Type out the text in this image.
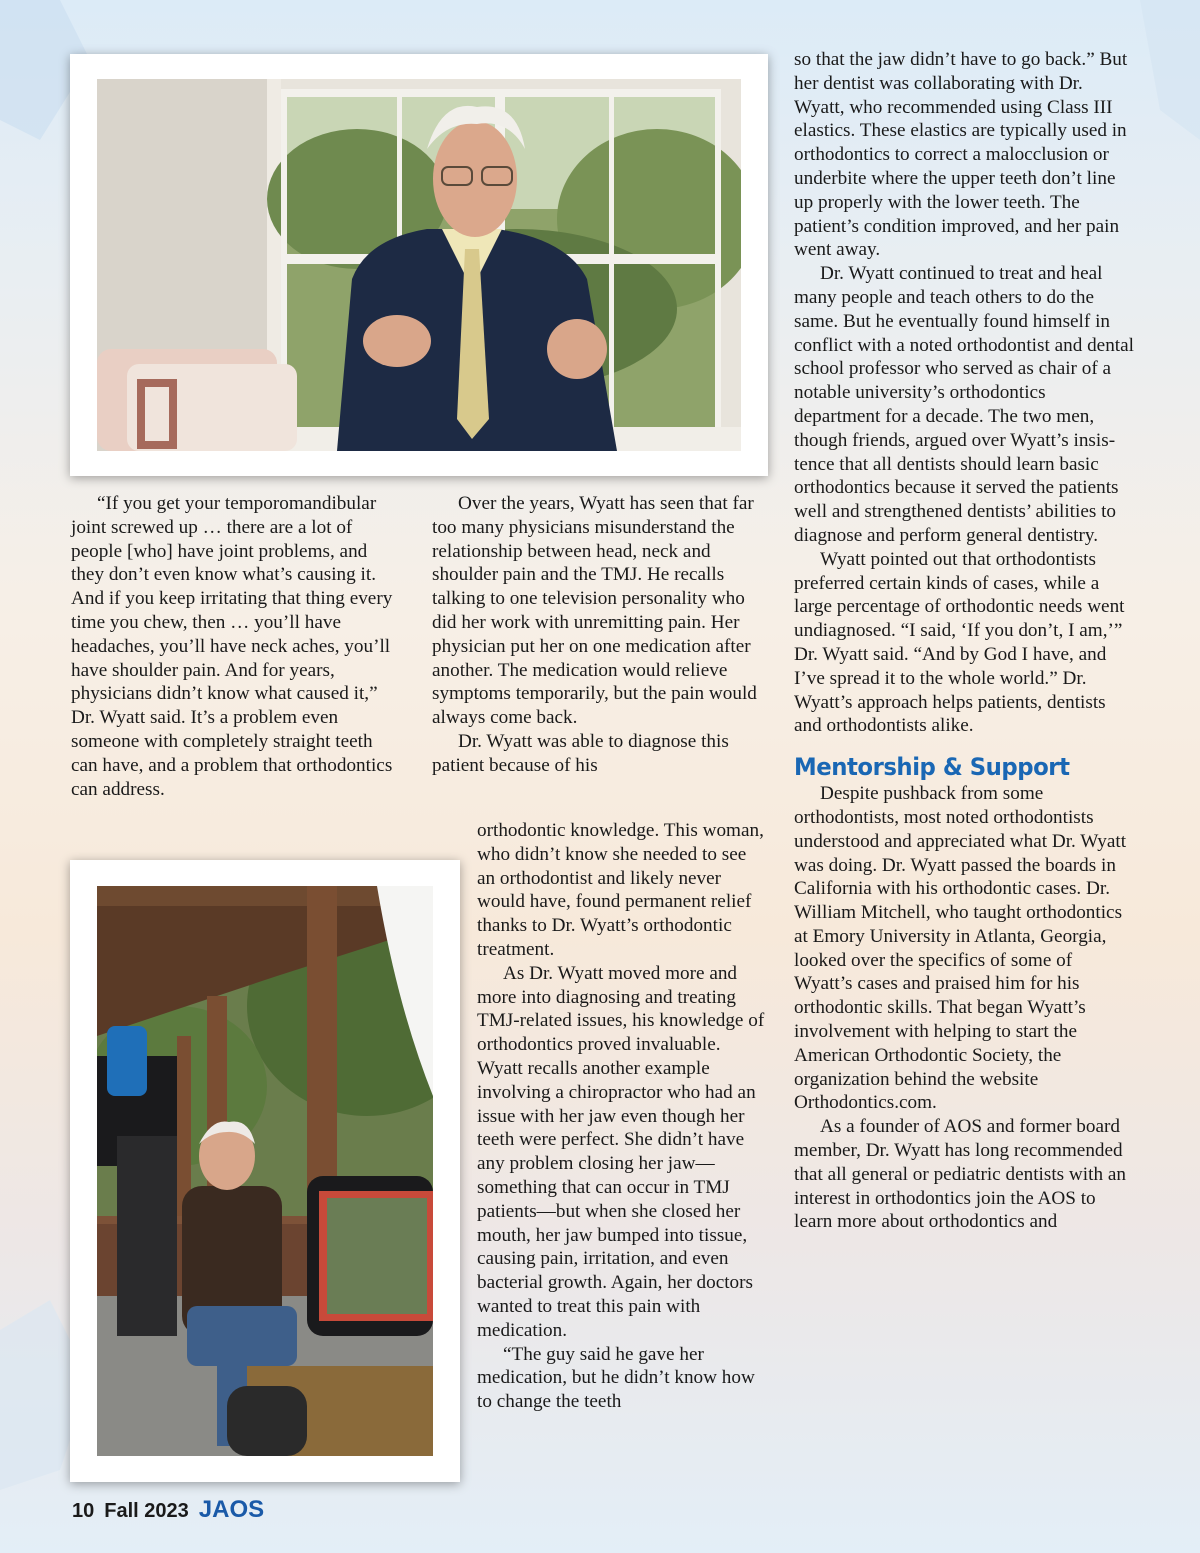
“If you get your temporomandibular joint screwed up … there are a lot of people [who] have joint problems, and they don’t even know what’s causing it. And if you keep irritating that thing every time you chew, then … you’ll have headaches, you’ll have neck aches, you’ll have shoulder pain. And for years, physicians didn’t know what caused it,” Dr. Wyatt said. It’s a problem even someone with completely straight teeth can have, and a problem that orthodontics can address.

Over the years, Wyatt has seen that far too many physicians misunderstand the relationship between head, neck and shoulder pain and the TMJ. He recalls talking to one television personality who did her work with unremitting pain. Her physician put her on one medication after another. The medication would relieve symptoms temporarily, but the pain would always come back.

Dr. Wyatt was able to diagnose this patient because of his

orthodontic knowledge. This woman, who didn’t know she needed to see an orthodontist and likely never would have, found permanent relief thanks to Dr. Wyatt’s orthodontic treatment.

As Dr. Wyatt moved more and more into diagnosing and treating TMJ-related issues, his knowledge of orthodontics proved invaluable. Wyatt recalls another example involving a chiropractor who had an issue with her jaw even though her teeth were perfect. She didn’t have any problem closing her jaw—something that can occur in TMJ patients—but when she closed her mouth, her jaw bumped into tissue, causing pain, irritation, and even bacterial growth. Again, her doctors wanted to treat this pain with medication.

“The guy said he gave her medication, but he didn’t know how to change the teeth

so that the jaw didn’t have to go back.” But her dentist was collaborating with Dr. Wyatt, who recommended using Class III elastics. These elastics are typically used in orthodontics to correct a malocclusion or underbite where the upper teeth don’t line up properly with the lower teeth. The patient’s condition improved, and her pain went away.

Dr. Wyatt continued to treat and heal many people and teach others to do the same. But he eventually found himself in conflict with a noted orthodontist and dental school professor who served as chair of a notable university’s orthodontics department for a decade. The two men, though friends, argued over Wyatt’s insistence that all dentists should learn basic orthodontics because it served the patients well and strengthened dentists’ abilities to diagnose and perform general dentistry.

Wyatt pointed out that orthodontists preferred certain kinds of cases, while a large percentage of orthodontic needs went undiagnosed. “I said, ‘If you don’t, I am,’” Dr. Wyatt said. “And by God I have, and I’ve spread it to the whole world.” Dr. Wyatt’s approach helps patients, dentists and orthodontists alike.

Mentorship & Support

Despite pushback from some orthodontists, most noted orthodontists understood and appreciated what Dr. Wyatt was doing. Dr. Wyatt passed the boards in California with his orthodontic cases. Dr. William Mitchell, who taught orthodontics at Emory University in Atlanta, Georgia, looked over the specifics of some of Wyatt’s cases and praised him for his orthodontic skills. That began Wyatt’s involvement with helping to start the American Orthodontic Society, the organization behind the website Orthodontics.com.

As a founder of AOS and former board member, Dr. Wyatt has long recommended that all general or pediatric dentists with an interest in orthodontics join the AOS to learn more about orthodontics and

10 Fall 2023 JAOS
